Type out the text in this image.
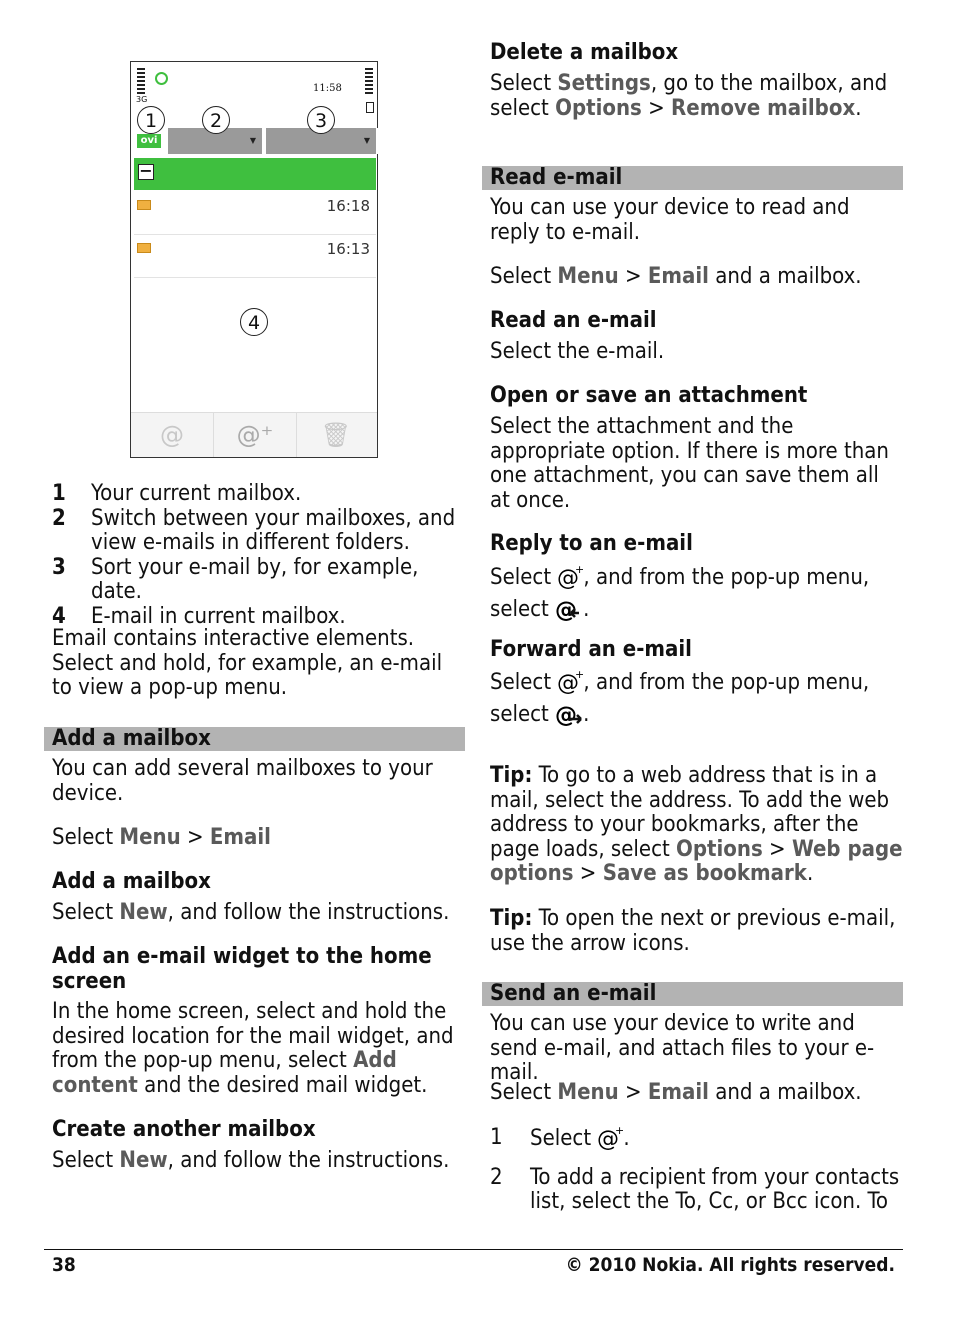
3G
11:58
▼	▼
ovi
1	2	3
−
16:18
16:13
4
@	@⁺	🗑
1	Your current mailbox.
2	Switch between your mailboxes, and view e-mails in different folders.
3	Sort your e-mail by, for example, date.
4	E-mail in current mailbox.

Email contains interactive elements. Select and hold, for example, an e-mail to view a pop-up menu.

Add a mailbox

You can add several mailboxes to your device.

Select Menu > Email

Add a mailbox

Select New, and follow the instructions.

Add an e-mail widget to the home screen

In the home screen, select and hold the desired location for the mail widget, and from the pop-up menu, select Add content and the desired mail widget.

Create another mailbox

Select New, and follow the instructions.

Delete a mailbox

Select Settings, go to the mailbox, and select Options > Remove mailbox.

Read e-mail

You can use your device to read and reply to e-mail.

Select Menu > Email and a mailbox.

Read an e-mail

Select the e-mail.

Open or save an attachment

Select the attachment and the appropriate option. If there is more than one attachment, you can save them all at once.

Reply to an e-mail

Select @
+
, and from the pop-up menu,
select @ .

Forward an e-mail

Select @
+
, and from the pop-up menu,
select @ .

Tip: To go to a web address that is in a mail, select the address. To add the web address to your bookmarks, after the page loads, select Options > Web page options > Save as bookmark.

Tip: To open the next or previous e-mail, use the arrow icons.

Send an e-mail

You can use your device to write and send e-mail, and attach files to your e-mail.

Select Menu > Email and a mailbox.

1	Select @
+
.
2	To add a recipient from your contacts list, select the To, Cc, or Bcc icon. To
38	© 2010 Nokia. All rights reserved.
